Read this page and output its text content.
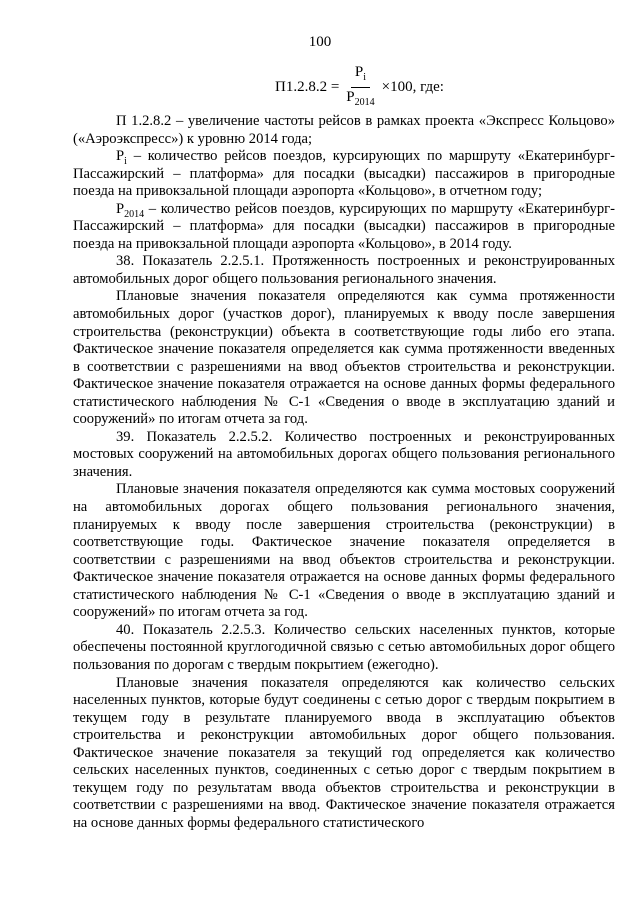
100
$П1.2.8.2 = \frac{P_i}{P_{2014}} \times 100$, где:

П 1.2.8.2 – увеличение частоты рейсов в рамках проекта «Экспресс Кольцово» («Аэроэкспресс») к уровню 2014 года;

$P_i$ – количество рейсов поездов, курсирующих по маршруту «Екатеринбург-Пассажирский – платформа» для посадки (высадки) пассажиров в пригородные поезда на привокзальной площади аэропорта «Кольцово», в отчетном году;

$P_{2014}$ – количество рейсов поездов, курсирующих по маршруту «Екатеринбург-Пассажирский – платформа» для посадки (высадки) пассажиров в пригородные поезда на привокзальной площади аэропорта «Кольцово», в 2014 году.

38. Показатель 2.2.5.1. Протяженность построенных и реконструированных автомобильных дорог общего пользования регионального значения.

Плановые значения показателя определяются как сумма протяженности автомобильных дорог (участков дорог), планируемых к вводу после завершения строительства (реконструкции) объекта в соответствующие годы либо его этапа. Фактическое значение показателя определяется как сумма протяженности введенных в соответствии с разрешениями на ввод объектов строительства и реконструкции. Фактическое значение показателя отражается на основе данных формы федерального статистического наблюдения № С-1 «Сведения о вводе в эксплуатацию зданий и сооружений» по итогам отчета за год.

39. Показатель 2.2.5.2. Количество построенных и реконструированных мостовых сооружений на автомобильных дорогах общего пользования регионального значения.

Плановые значения показателя определяются как сумма мостовых сооружений на автомобильных дорогах общего пользования регионального значения, планируемых к вводу после завершения строительства (реконструкции) в соответствующие годы. Фактическое значение показателя определяется в соответствии с разрешениями на ввод объектов строительства и реконструкции. Фактическое значение показателя отражается на основе данных формы федерального статистического наблюдения № С-1 «Сведения о вводе в эксплуатацию зданий и сооружений» по итогам отчета за год.

40. Показатель 2.2.5.3. Количество сельских населенных пунктов, которые обеспечены постоянной круглогодичной связью с сетью автомобильных дорог общего пользования по дорогам с твердым покрытием (ежегодно).

Плановые значения показателя определяются как количество сельских населенных пунктов, которые будут соединены с сетью дорог с твердым покрытием в текущем году в результате планируемого ввода в эксплуатацию объектов строительства и реконструкции автомобильных дорог общего пользования. Фактическое значение показателя за текущий год определяется как количество сельских населенных пунктов, соединенных с сетью дорог с твердым покрытием в текущем году по результатам ввода объектов строительства и реконструкции в соответствии с разрешениями на ввод. Фактическое значение показателя отражается на основе данных формы федерального статистического
